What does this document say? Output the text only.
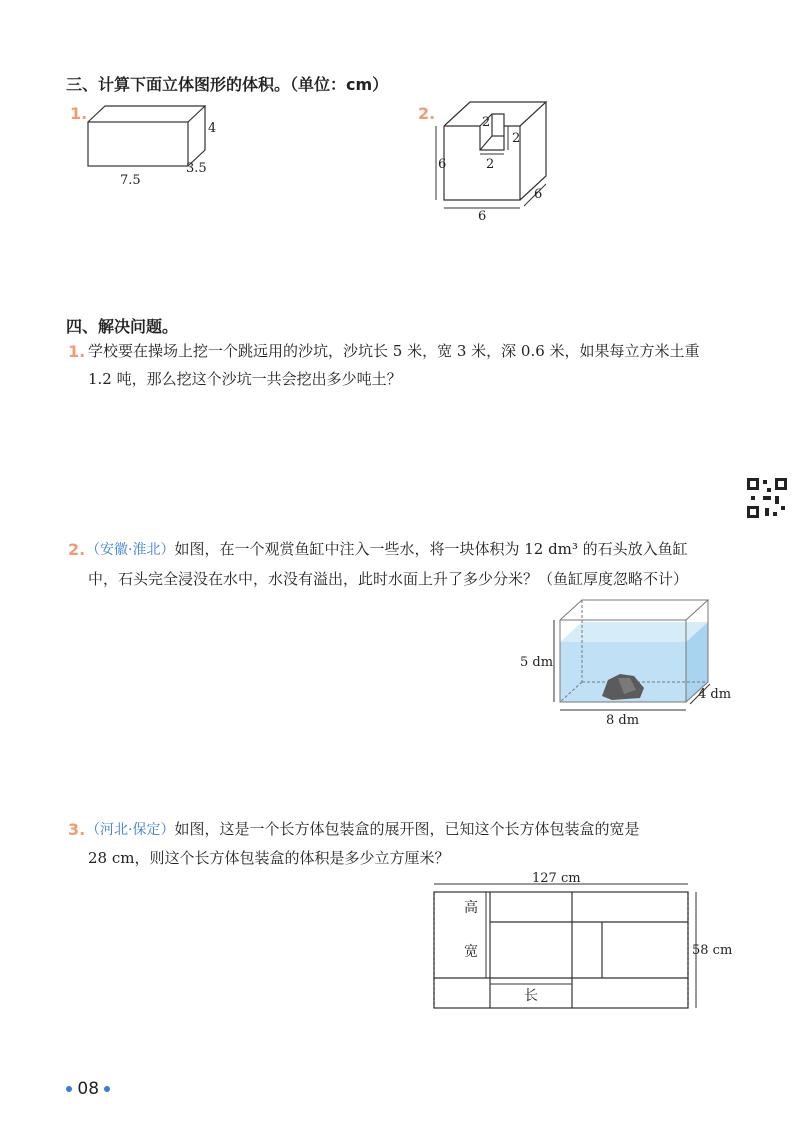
三、计算下面立体图形的体积。（单位：cm）
1.
4
3.5
7.5
2.	2
2
2
6
6
6
四、解决问题。
1. 学校要在操场上挖一个跳远用的沙坑，沙坑长 5 米，宽 3 米，深 0.6 米，如果每立方米土重
1.2 吨，那么挖这个沙坑一共会挖出多少吨土？
2. （安徽·淮北）如图，在一个观赏鱼缸中注入一些水，将一块体积为 12 dm³ 的石头放入鱼缸
中，石头完全浸没在水中，水没有溢出，此时水面上升了多少分米？（鱼缸厚度忽略不计）
5 dm
4 dm
8 dm
3. （河北·保定）如图，这是一个长方体包装盒的展开图，已知这个长方体包装盒的宽是
28 cm，则这个长方体包装盒的体积是多少立方厘米？
127 cm
58 cm
高
宽
长
08
